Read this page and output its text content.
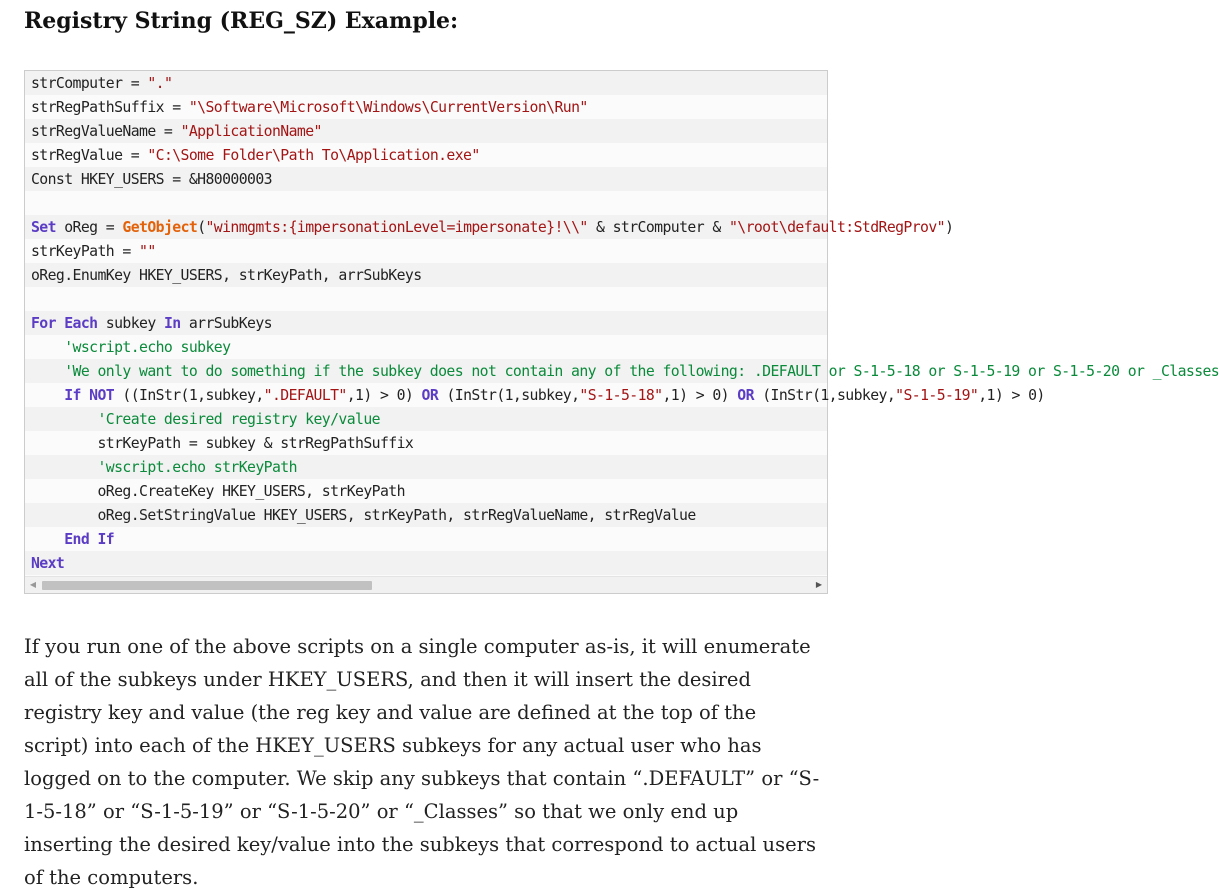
Registry String (REG_SZ) Example:
strComputer = "."
strRegPathSuffix = "\Software\Microsoft\Windows\CurrentVersion\Run"
strRegValueName = "ApplicationName"
strRegValue = "C:\Some Folder\Path To\Application.exe"
Const HKEY_USERS = &H80000003

Set oReg = GetObject("winmgmts:{impersonationLevel=impersonate}!\\" & strComputer & "\root\default:StdRegProv")
strKeyPath = ""
oReg.EnumKey HKEY_USERS, strKeyPath, arrSubKeys

For Each subkey In arrSubKeys
'wscript.echo subkey
'We only want to do something if the subkey does not contain any of the following: .DEFAULT or S-1-5-18 or S-1-5-19 or S-1-5-20 or _Classes
If NOT ((InStr(1,subkey,".DEFAULT",1) > 0) OR (InStr(1,subkey,"S-1-5-18",1) > 0) OR (InStr(1,subkey,"S-1-5-19",1) > 0)
'Create desired registry key/value
strKeyPath = subkey & strRegPathSuffix
'wscript.echo strKeyPath
oReg.CreateKey HKEY_USERS, strKeyPath
oReg.SetStringValue HKEY_USERS, strKeyPath, strRegValueName, strRegValue
End If
Next
◀	▶
If you run one of the above scripts on a single computer as-is, it will enumerate all of the subkeys under HKEY_USERS, and then it will insert the desired registry key and value (the reg key and value are defined at the top of the script) into each of the HKEY_USERS subkeys for any actual user who has logged on to the computer. We skip any subkeys that contain “.DEFAULT” or “S-1-5-18” or “S-1-5-19” or “S-1-5-20” or “_Classes” so that we only end up inserting the desired key/value into the subkeys that correspond to actual users of the computers.
